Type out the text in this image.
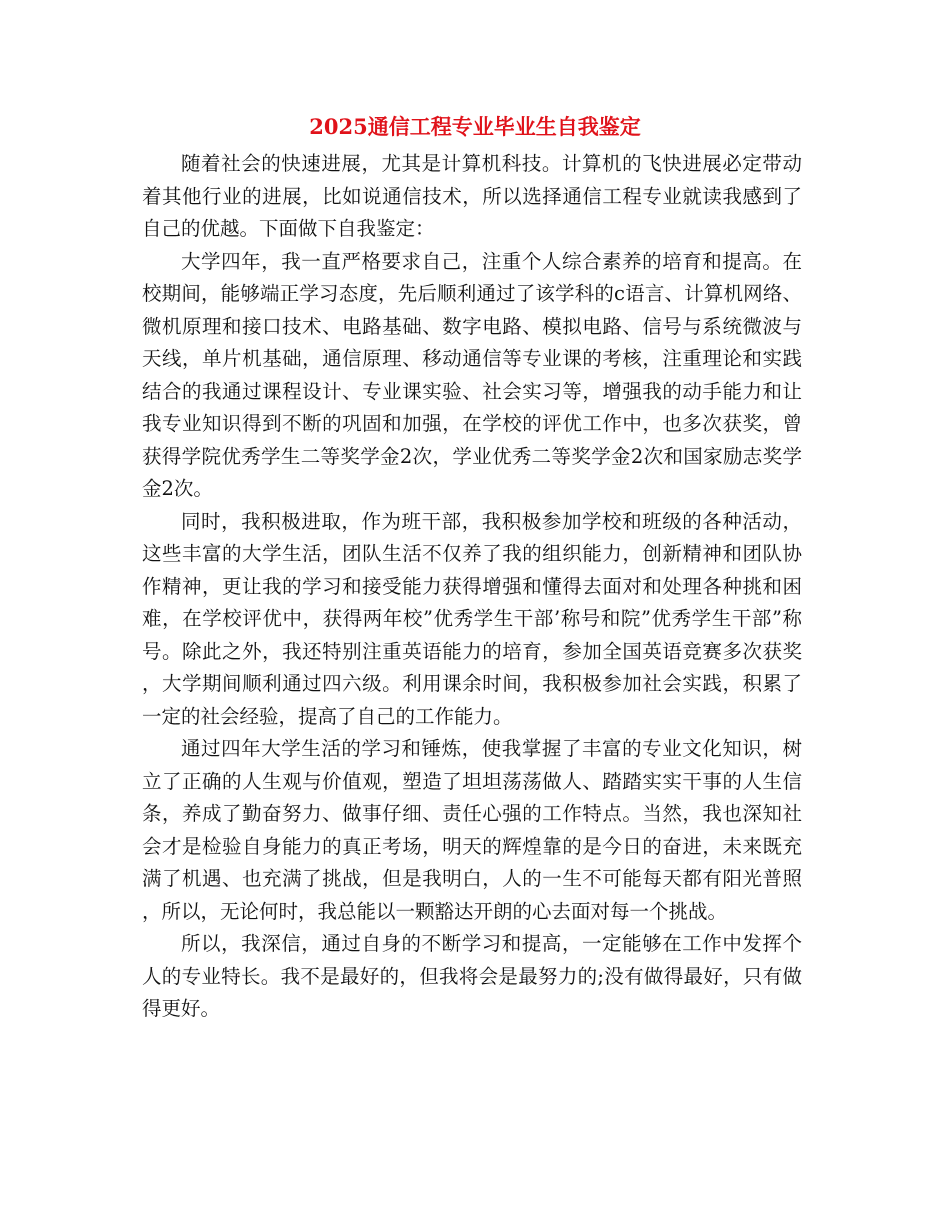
2025通信工程专业毕业生自我鉴定

随着社会的快速进展，尤其是计算机科技。计算机的飞快进展必定带动着其他行业的进展，比如说通信技术，所以选择通信工程专业就读我感到了自己的优越。下面做下自我鉴定：

大学四年，我一直严格要求自己，注重个人综合素养的培育和提高。在校期间，能够端正学习态度，先后顺利通过了该学科的c语言、计算机网络、微机原理和接口技术、电路基础、数字电路、模拟电路、信号与系统微波与天线，单片机基础，通信原理、移动通信等专业课的考核，注重理论和实践结合的我通过课程设计、专业课实验、社会实习等，增强我的动手能力和让我专业知识得到不断的巩固和加强，在学校的评优工作中，也多次获奖，曾获得学院优秀学生二等奖学金2次，学业优秀二等奖学金2次和国家励志奖学金2次。

同时，我积极进取，作为班干部，我积极参加学校和班级的各种活动，这些丰富的大学生活，团队生活不仅养了我的组织能力，创新精神和团队协作精神，更让我的学习和接受能力获得增强和懂得去面对和处理各种挑和困难，在学校评优中，获得两年校”优秀学生干部’称号和院”优秀学生干部”称号。除此之外，我还特别注重英语能力的培育，参加全国英语竞赛多次获奖，大学期间顺利通过四六级。利用课余时间，我积极参加社会实践，积累了一定的社会经验，提高了自己的工作能力。

通过四年大学生活的学习和锤炼，使我掌握了丰富的专业文化知识，树立了正确的人生观与价值观，塑造了坦坦荡荡做人、踏踏实实干事的人生信条，养成了勤奋努力、做事仔细、责任心强的工作特点。当然，我也深知社会才是检验自身能力的真正考场，明天的辉煌靠的是今日的奋进，未来既充满了机遇、也充满了挑战，但是我明白，人的一生不可能每天都有阳光普照，所以，无论何时，我总能以一颗豁达开朗的心去面对每一个挑战。

所以，我深信，通过自身的不断学习和提高，一定能够在工作中发挥个人的专业特长。我不是最好的，但我将会是最努力的;没有做得最好，只有做得更好。
